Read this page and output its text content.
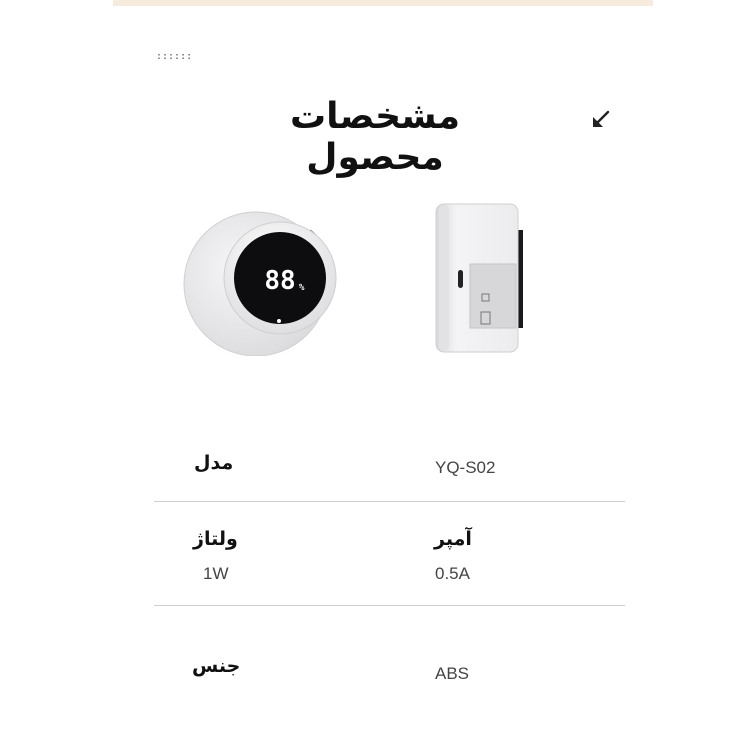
::::::
مشخصات محصول
88 %
مدل	YQ-S02
ولتاژ	آمپر
1W	0.5A
جنس	ABS
